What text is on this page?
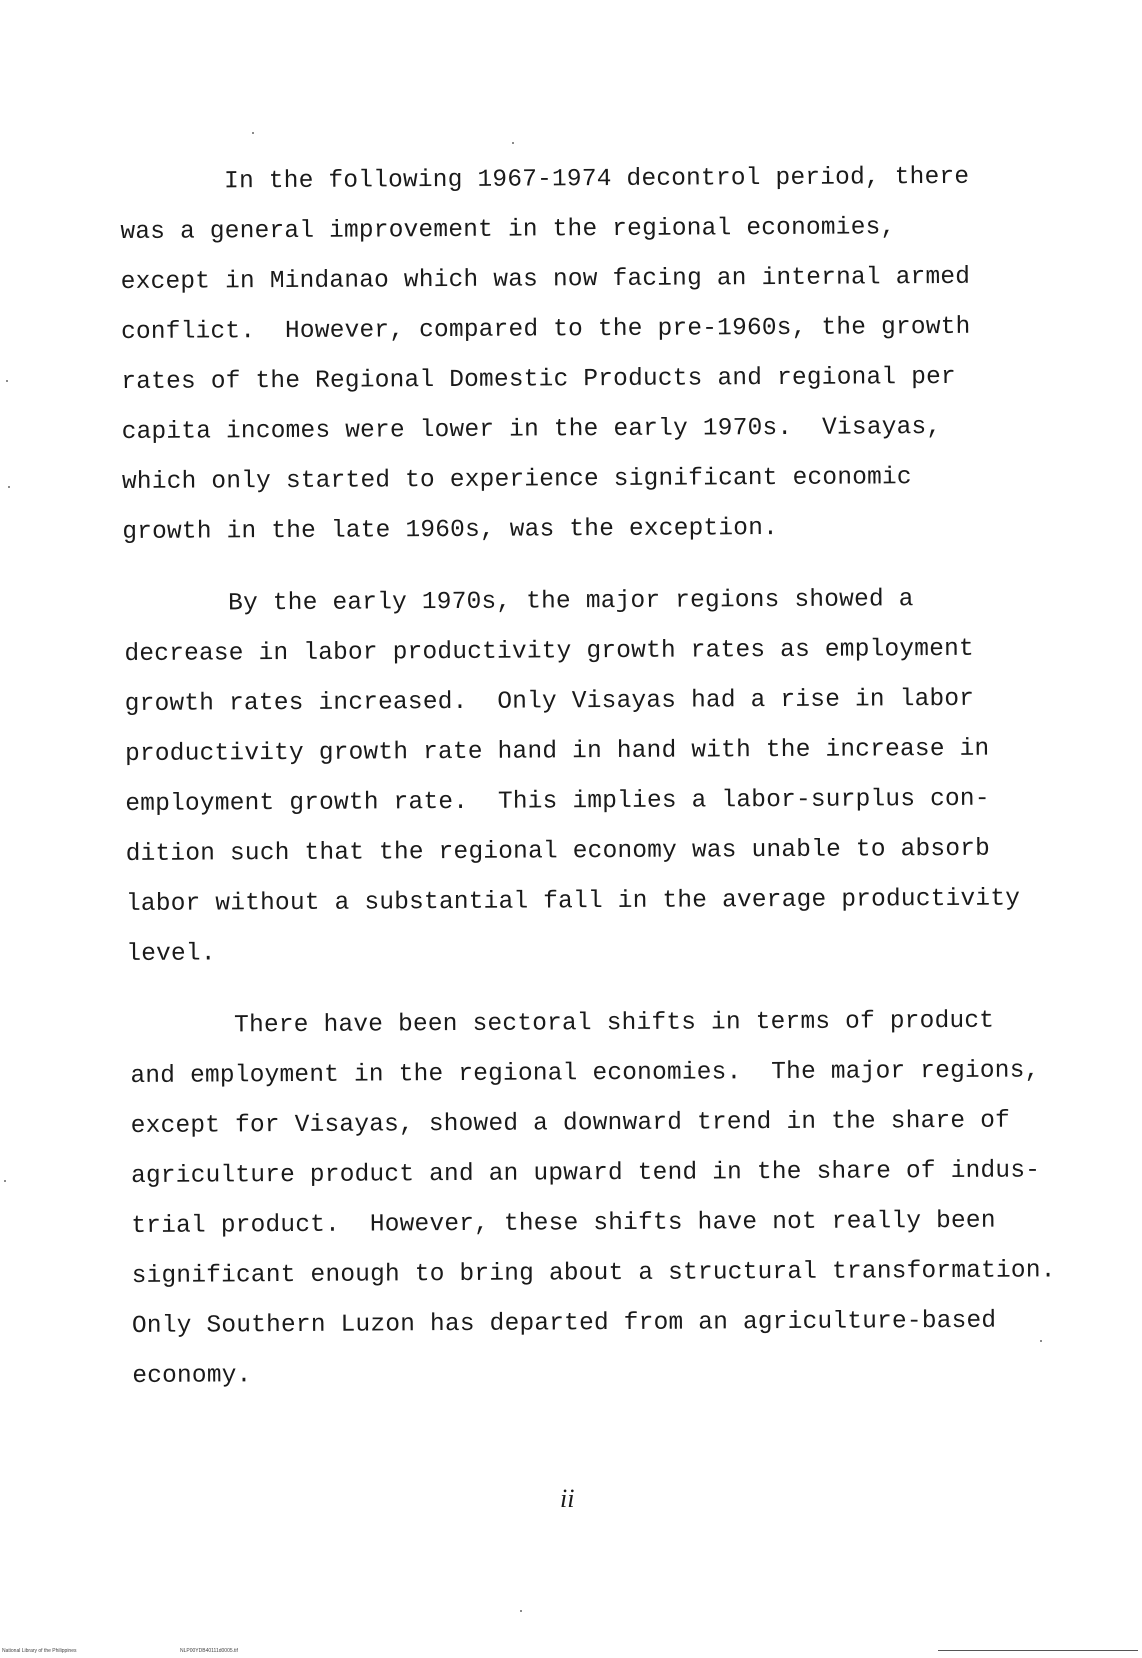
In the following 1967-1974 decontrol period, there
was a general improvement in the regional economies,
except in Mindanao which was now facing an internal armed
conflict.  However, compared to the pre-1960s, the growth
rates of the Regional Domestic Products and regional per
capita incomes were lower in the early 1970s.  Visayas,
which only started to experience significant economic
growth in the late 1960s, was the exception.
By the early 1970s, the major regions showed a
decrease in labor productivity growth rates as employment
growth rates increased.  Only Visayas had a rise in labor
productivity growth rate hand in hand with the increase in
employment growth rate.  This implies a labor-surplus con-
dition such that the regional economy was unable to absorb
labor without a substantial fall in the average productivity
level.
There have been sectoral shifts in terms of product
and employment in the regional economies.  The major regions,
except for Visayas, showed a downward trend in the share of
agriculture product and an upward tend in the share of indus-
trial product.  However, these shifts have not really been
significant enough to bring about a structural transformation.
Only Southern Luzon has departed from an agriculture-based
economy.
ii
National Library of the Philippines	NLP00YDB40111d0005.tif
